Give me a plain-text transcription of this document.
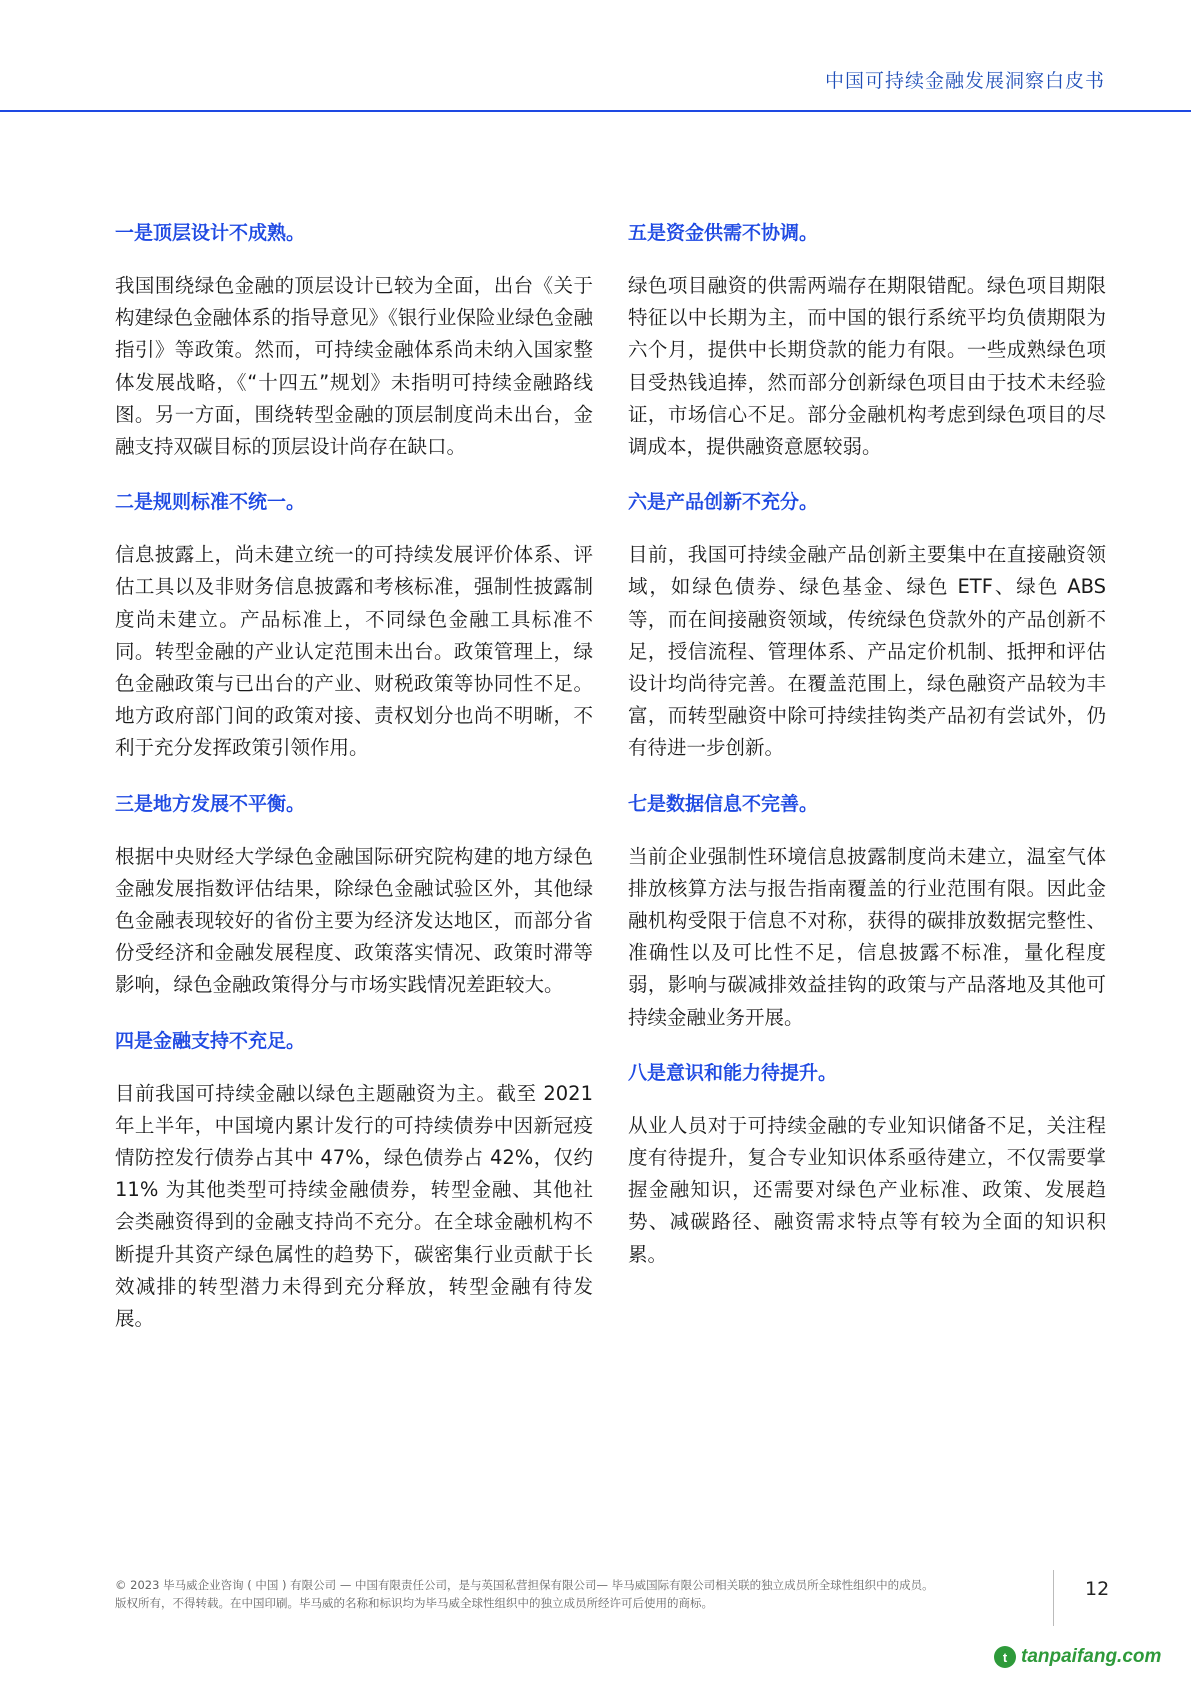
中国可持续金融发展洞察白皮书
一是顶层设计不成熟。

我国围绕绿色金融的顶层设计已较为全面，出台《关于构建绿色金融体系的指导意见》《银行业保险业绿色金融指引》等政策。然而，可持续金融体系尚未纳入国家整体发展战略，《“十四五”规划》未指明可持续金融路线图。另一方面，围绕转型金融的顶层制度尚未出台，金融支持双碳目标的顶层设计尚存在缺口。

二是规则标准不统一。

信息披露上，尚未建立统一的可持续发展评价体系、评估工具以及非财务信息披露和考核标准，强制性披露制度尚未建立。产品标准上，不同绿色金融工具标准不同。转型金融的产业认定范围未出台。政策管理上，绿色金融政策与已出台的产业、财税政策等协同性不足。地方政府部门间的政策对接、责权划分也尚不明晰，不利于充分发挥政策引领作用。

三是地方发展不平衡。

根据中央财经大学绿色金融国际研究院构建的地方绿色金融发展指数评估结果，除绿色金融试验区外，其他绿色金融表现较好的省份主要为经济发达地区，而部分省份受经济和金融发展程度、政策落实情况、政策时滞等影响，绿色金融政策得分与市场实践情况差距较大。

四是金融支持不充足。

目前我国可持续金融以绿色主题融资为主。截至 2021 年上半年，中国境内累计发行的可持续债券中因新冠疫情防控发行债券占其中 47%，绿色债券占 42%，仅约 11% 为其他类型可持续金融债券，转型金融、其他社会类融资得到的金融支持尚不充分。在全球金融机构不断提升其资产绿色属性的趋势下，碳密集行业贡献于长效减排的转型潜力未得到充分释放，转型金融有待发展。

五是资金供需不协调。

绿色项目融资的供需两端存在期限错配。绿色项目期限特征以中长期为主，而中国的银行系统平均负债期限为六个月，提供中长期贷款的能力有限。一些成熟绿色项目受热钱追捧，然而部分创新绿色项目由于技术未经验证，市场信心不足。部分金融机构考虑到绿色项目的尽调成本，提供融资意愿较弱。

六是产品创新不充分。

目前，我国可持续金融产品创新主要集中在直接融资领域，如绿色债券、绿色基金、绿色 ETF、绿色 ABS 等，而在间接融资领域，传统绿色贷款外的产品创新不足，授信流程、管理体系、产品定价机制、抵押和评估设计均尚待完善。在覆盖范围上，绿色融资产品较为丰富，而转型融资中除可持续挂钩类产品初有尝试外，仍有待进一步创新。

七是数据信息不完善。

当前企业强制性环境信息披露制度尚未建立，温室气体排放核算方法与报告指南覆盖的行业范围有限。因此金融机构受限于信息不对称，获得的碳排放数据完整性、准确性以及可比性不足，信息披露不标准，量化程度弱，影响与碳减排效益挂钩的政策与产品落地及其他可持续金融业务开展。

八是意识和能力待提升。

从业人员对于可持续金融的专业知识储备不足，关注程度有待提升，复合专业知识体系亟待建立，不仅需要掌握金融知识，还需要对绿色产业标准、政策、发展趋势、减碳路径、融资需求特点等有较为全面的知识积累。

© 2023 毕马威企业咨询 ( 中国 ) 有限公司 — 中国有限责任公司，是与英国私营担保有限公司— 毕马威国际有限公司相关联的独立成员所全球性组织中的成员。
版权所有，不得转载。在中国印刷。毕马威的名称和标识均为毕马威全球性组织中的独立成员所经许可后使用的商标。
12
t tanpaifang.com
